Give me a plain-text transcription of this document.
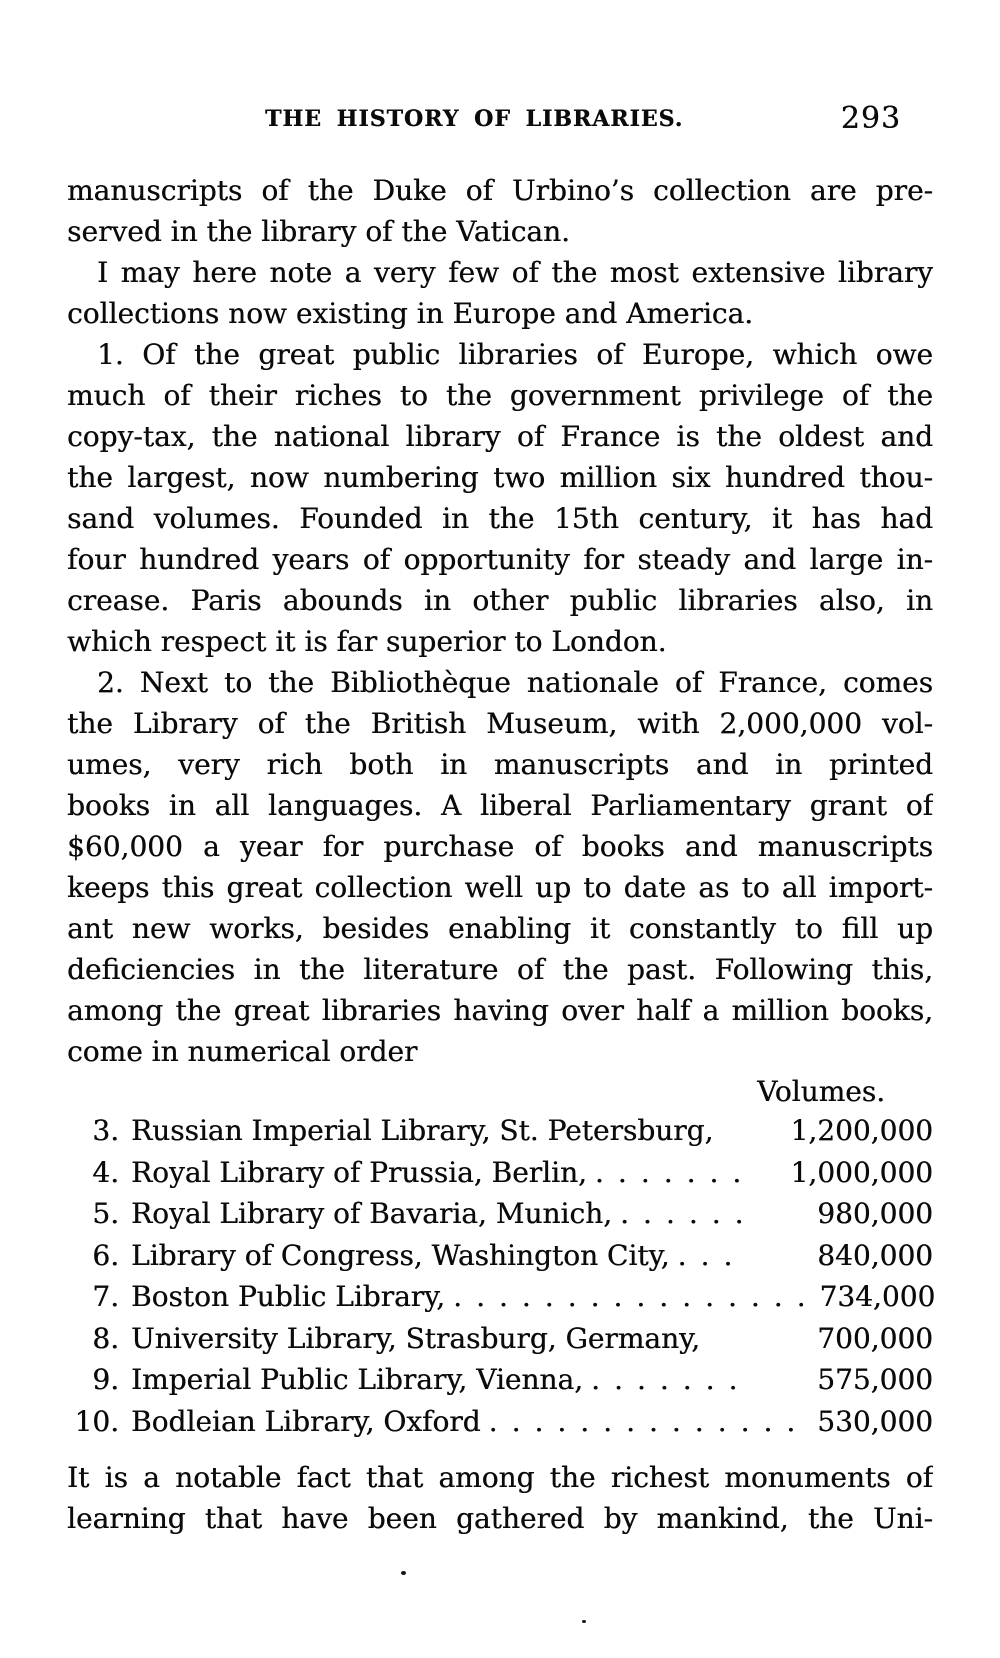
THE HISTORY OF LIBRARIES.	293
manuscripts of the Duke of Urbino’s collection are pre-
served in the library of the Vatican.
I may here note a very few of the most extensive library
collections now existing in Europe and America.
1. Of the great public libraries of Europe, which owe
much of their riches to the government privilege of the
copy-tax, the national library of France is the oldest and
the largest, now numbering two million six hundred thou-
sand volumes. Founded in the 15th century, it has had
four hundred years of opportunity for steady and large in-
crease. Paris abounds in other public libraries also, in
which respect it is far superior to London.
2. Next to the Bibliothèque nationale of France, comes
the Library of the British Museum, with 2,000,000 vol-
umes, very rich both in manuscripts and in printed
books in all languages. A liberal Parliamentary grant of
$60,000 a year for purchase of books and manuscripts
keeps this great collection well up to date as to all import-
ant new works, besides enabling it constantly to fill up
deficiencies in the literature of the past. Following this,
among the great libraries having over half a million books,
come in numerical order
Volumes.
3. Russian Imperial Library, St. Petersburg,	1,200,000
4. Royal Library of Prussia, Berlin, ....... 1,000,000
5. Royal Library of Bavaria, Munich, ...... 980,000
6. Library of Congress, Washington City, ...	840,000
7. Boston Public Library, ................ 734,000
8. University Library, Strasburg, Germany,	700,000
9. Imperial Public Library, Vienna, ....... 575,000
10. Bodleian Library, Oxford .............. 530,000
It is a notable fact that among the richest monuments of
learning that have been gathered by mankind, the Uni-
